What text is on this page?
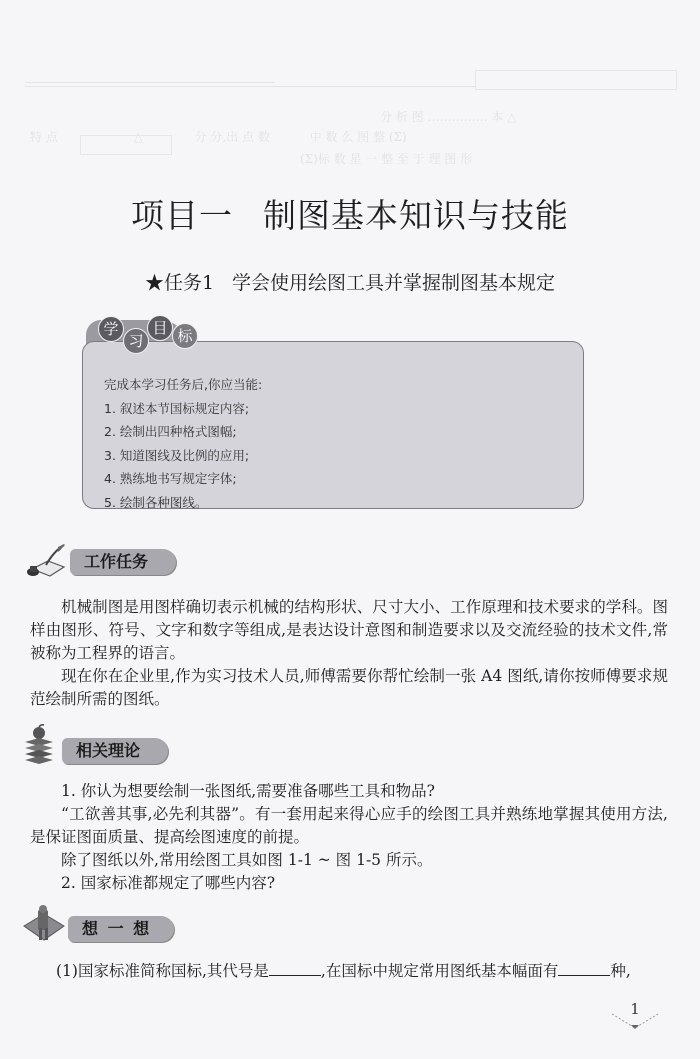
分 析 图 …………… 本 △
特 点　　　　　　 △　　　　 分 分,出 点 数　　　 中 数 么 图 整 (Σ)
(Σ)标 数 星 一 整 至 于 理 图 形
项目一 制图基本知识与技能
★任务1 学会使用绘图工具并掌握制图基本规定
学
习
目 标
完成本学习任务后,你应当能:
1. 叙述本节国标规定内容;
2. 绘制出四种格式图幅;
3. 知道图线及比例的应用;
4. 熟练地书写规定字体;
5. 绘制各种图线。
工作任务

机械制图是用图样确切表示机械的结构形状、尺寸大小、工作原理和技术要求的学科。图样由图形、符号、文字和数字等组成,是表达设计意图和制造要求以及交流经验的技术文件,常被称为工程界的语言。

现在你在企业里,作为实习技术人员,师傅需要你帮忙绘制一张 A4 图纸,请你按师傅要求规范绘制所需的图纸。

相关理论

1. 你认为想要绘制一张图纸,需要准备哪些工具和物品?

“工欲善其事,必先利其器”。有一套用起来得心应手的绘图工具并熟练地掌握其使用方法,是保证图面质量、提高绘图速度的前提。

除了图纸以外,常用绘图工具如图 1-1 ~ 图 1-5 所示。

2. 国家标准都规定了哪些内容?

想 一 想

(1)国家标准简称国标,其代号是	,在国标中规定常用图纸基本幅面有	种,

1
